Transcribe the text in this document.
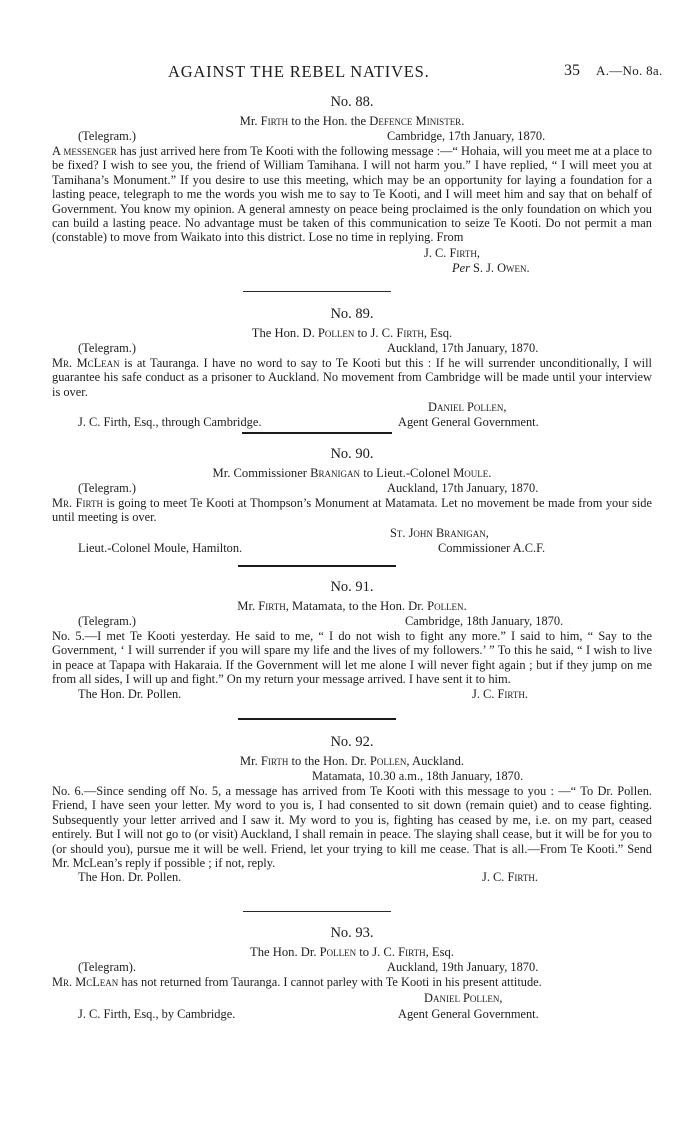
AGAINST THE REBEL NATIVES.	35 A.—No. 8a.
No. 88.
Mr. Firth to the Hon. the Defence Minister.
(Telegram.)	Cambridge, 17th January, 1870.
A messenger has just arrived here from Te Kooti with the following message :—“ Hohaia, will you meet me at a place to be fixed? I wish to see you, the friend of William Tamihana. I will not harm you.” I have replied, “ I will meet you at Tamihana’s Monument.” If you desire to use this meeting, which may be an opportunity for laying a foundation for a lasting peace, telegraph to me the words you wish me to say to Te Kooti, and I will meet him and say that on behalf of Government. You know my opinion. A general amnesty on peace being proclaimed is the only foundation on which you can build a lasting peace. No advantage must be taken of this communication to seize Te Kooti. Do not permit a man (constable) to move from Waikato into this district. Lose no time in replying. From
J. C. Firth,
Per S. J. Owen.
No. 89.
The Hon. D. Pollen to J. C. Firth, Esq.
(Telegram.)	Auckland, 17th January, 1870.
Mr. McLean is at Tauranga. I have no word to say to Te Kooti but this : If he will surrender unconditionally, I will guarantee his safe conduct as a prisoner to Auckland. No movement from Cambridge will be made until your interview is over.
Daniel Pollen,
J. C. Firth, Esq., through Cambridge.	Agent General Government.
No. 90.
Mr. Commissioner Branigan to Lieut.-Colonel Moule.
(Telegram.)	Auckland, 17th January, 1870.
Mr. Firth is going to meet Te Kooti at Thompson’s Monument at Matamata. Let no movement be made from your side until meeting is over.
St. John Branigan,
Lieut.-Colonel Moule, Hamilton.	Commissioner A.C.F.
No. 91.
Mr. Firth, Matamata, to the Hon. Dr. Pollen.
(Telegram.)	Cambridge, 18th January, 1870.
No. 5.—I met Te Kooti yesterday. He said to me, “ I do not wish to fight any more.” I said to him, “ Say to the Government, ‘ I will surrender if you will spare my life and the lives of my followers.’ ” To this he said, “ I wish to live in peace at Tapapa with Hakaraia. If the Government will let me alone I will never fight again ; but if they jump on me from all sides, I will up and fight.” On my return your message arrived. I have sent it to him.
The Hon. Dr. Pollen.	J. C. Firth.
No. 92.
Mr. Firth to the Hon. Dr. Pollen, Auckland.
Matamata, 10.30 a.m., 18th January, 1870.
No. 6.—Since sending off No. 5, a message has arrived from Te Kooti with this message to you : —“ To Dr. Pollen. Friend, I have seen your letter. My word to you is, I had consented to sit down (remain quiet) and to cease fighting. Subsequently your letter arrived and I saw it. My word to you is, fighting has ceased by me, i.e. on my part, ceased entirely. But I will not go to (or visit) Auckland, I shall remain in peace. The slaying shall cease, but it will be for you to (or should you), pursue me it will be well. Friend, let your trying to kill me cease. That is all.—From Te Kooti.” Send Mr. McLean’s reply if possible ; if not, reply.
The Hon. Dr. Pollen.	J. C. Firth.
No. 93.
The Hon. Dr. Pollen to J. C. Firth, Esq.
(Telegram).	Auckland, 19th January, 1870.
Mr. McLean has not returned from Tauranga. I cannot parley with Te Kooti in his present attitude.
Daniel Pollen,
J. C. Firth, Esq., by Cambridge.	Agent General Government.
